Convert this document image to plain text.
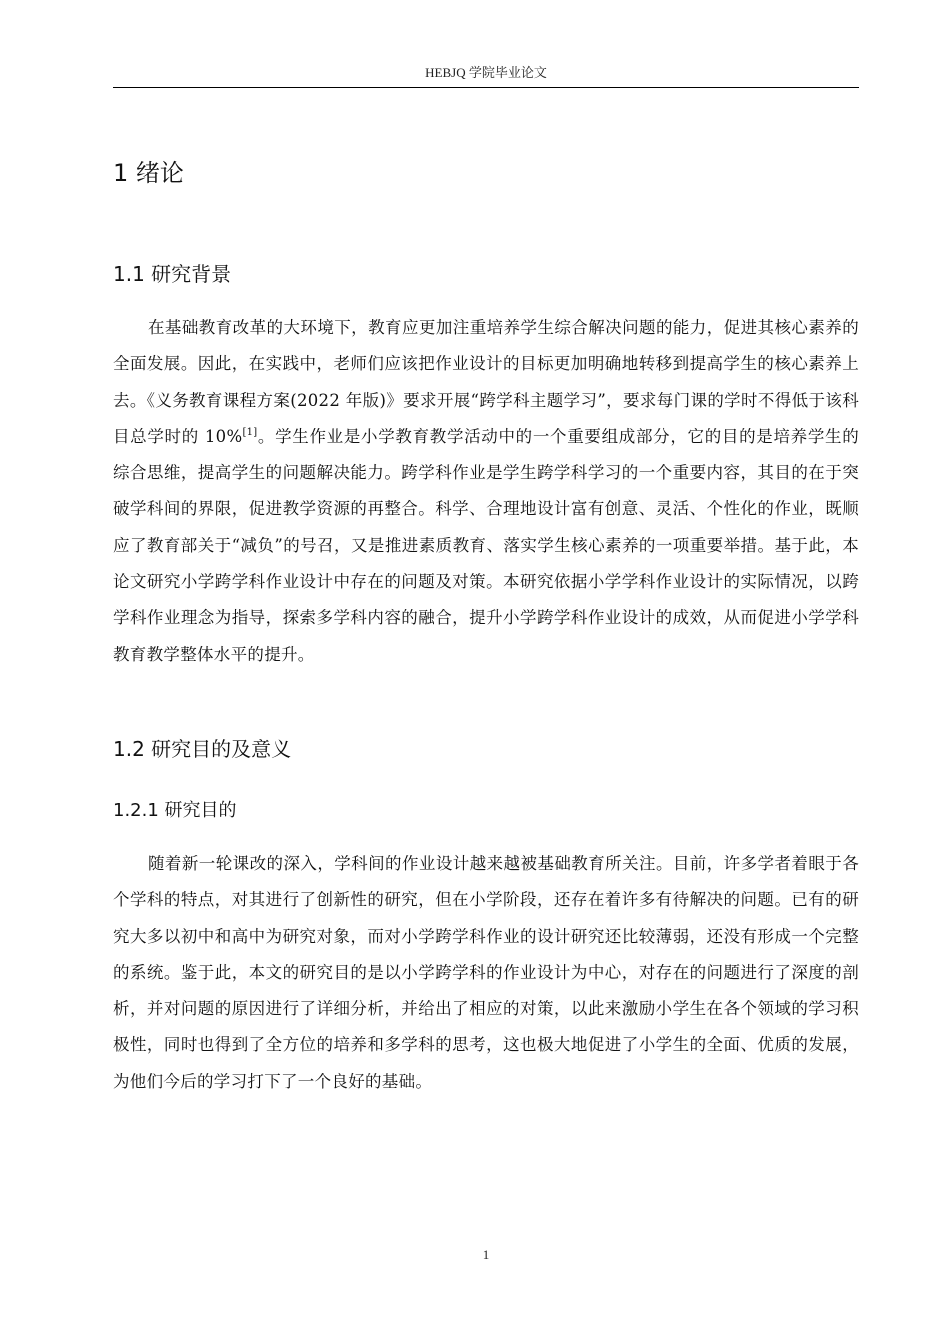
HEBJQ 学院毕业论文
1 绪论
1.1 研究背景

在基础教育改革的大环境下，教育应更加注重培养学生综合解决问题的能力，促进其核心素养的全面发展。因此，在实践中，老师们应该把作业设计的目标更加明确地转移到提高学生的核心素养上去。《义务教育课程方案(2022 年版)》要求开展“跨学科主题学习”，要求每门课的学时不得低于该科目总学时的 10%[1]。学生作业是小学教育教学活动中的一个重要组成部分，它的目的是培养学生的综合思维，提高学生的问题解决能力。跨学科作业是学生跨学科学习的一个重要内容，其目的在于突破学科间的界限，促进教学资源的再整合。科学、合理地设计富有创意、灵活、个性化的作业，既顺应了教育部关于“减负”的号召，又是推进素质教育、落实学生核心素养的一项重要举措。基于此，本论文研究小学跨学科作业设计中存在的问题及对策。本研究依据小学学科作业设计的实际情况，以跨学科作业理念为指导，探索多学科内容的融合，提升小学跨学科作业设计的成效，从而促进小学学科教育教学整体水平的提升。

1.2 研究目的及意义
1.2.1 研究目的

随着新一轮课改的深入，学科间的作业设计越来越被基础教育所关注。目前，许多学者着眼于各个学科的特点，对其进行了创新性的研究，但在小学阶段，还存在着许多有待解决的问题。已有的研究大多以初中和高中为研究对象，而对小学跨学科作业的设计研究还比较薄弱，还没有形成一个完整的系统。鉴于此，本文的研究目的是以小学跨学科的作业设计为中心，对存在的问题进行了深度的剖析，并对问题的原因进行了详细分析，并给出了相应的对策，以此来激励小学生在各个领域的学习积极性，同时也得到了全方位的培养和多学科的思考，这也极大地促进了小学生的全面、优质的发展，为他们今后的学习打下了一个良好的基础。

1
